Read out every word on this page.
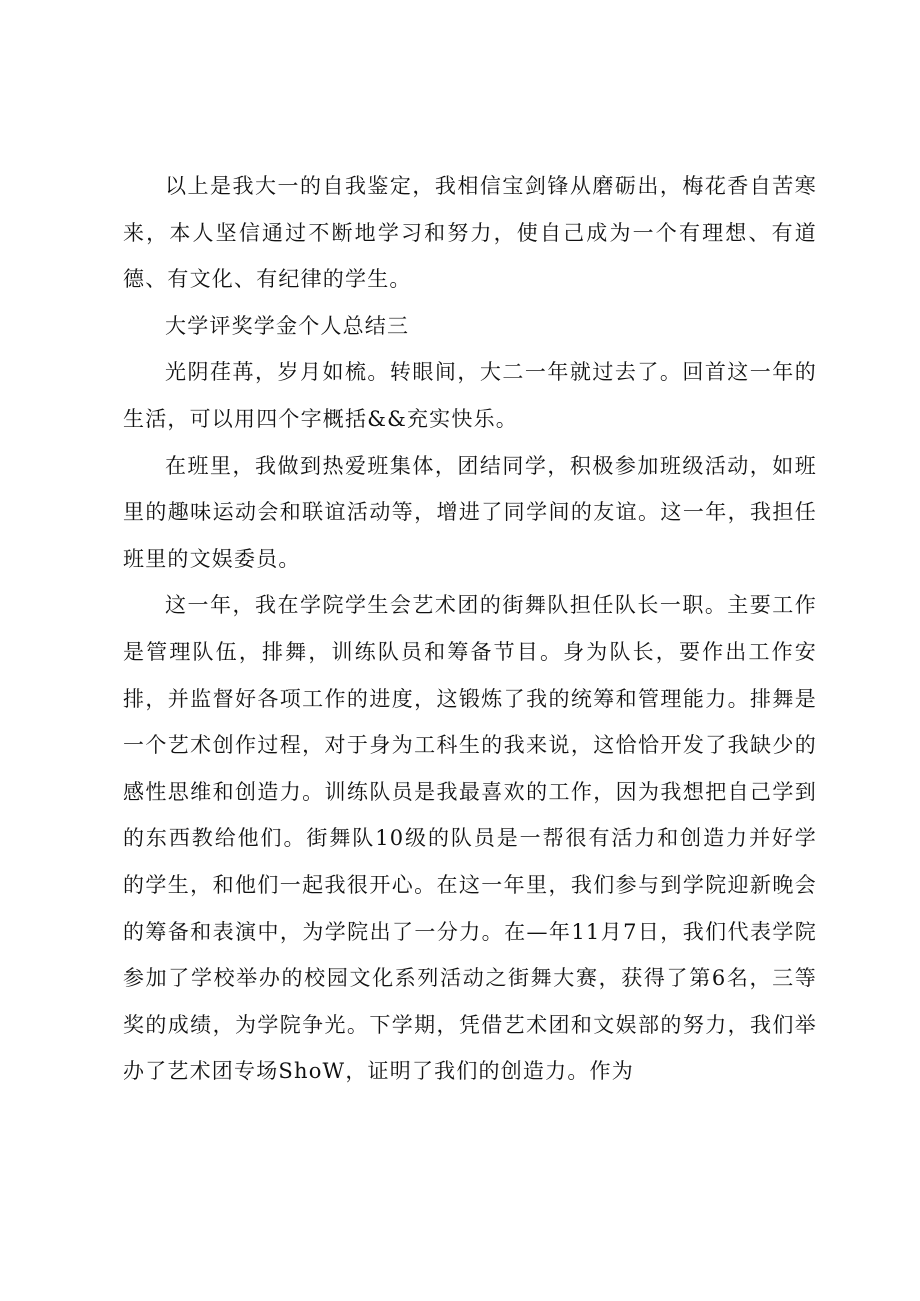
以上是我大一的自我鉴定，我相信宝剑锋从磨砺出，梅花香自苦寒来，本人坚信通过不断地学习和努力，使自己成为一个有理想、有道德、有文化、有纪律的学生。

大学评奖学金个人总结三

光阴荏苒，岁月如梳。转眼间，大二一年就过去了。回首这一年的生活，可以用四个字概括&&充实快乐。

在班里，我做到热爱班集体，团结同学，积极参加班级活动，如班里的趣味运动会和联谊活动等，增进了同学间的友谊。这一年，我担任班里的文娱委员。

这一年，我在学院学生会艺术团的街舞队担任队长一职。主要工作是管理队伍，排舞，训练队员和筹备节目。身为队长，要作出工作安排，并监督好各项工作的进度，这锻炼了我的统筹和管理能力。排舞是一个艺术创作过程，对于身为工科生的我来说，这恰恰开发了我缺少的感性思维和创造力。训练队员是我最喜欢的工作，因为我想把自己学到的东西教给他们。街舞队10级的队员是一帮很有活力和创造力并好学的学生，和他们一起我很开心。在这一年里，我们参与到学院迎新晚会的筹备和表演中，为学院出了一分力。在—年11月7日，我们代表学院参加了学校举办的校园文化系列活动之街舞大赛，获得了第6名，三等奖的成绩，为学院争光。下学期，凭借艺术团和文娱部的努力，我们举办了艺术团专场ShoW，证明了我们的创造力。作为
